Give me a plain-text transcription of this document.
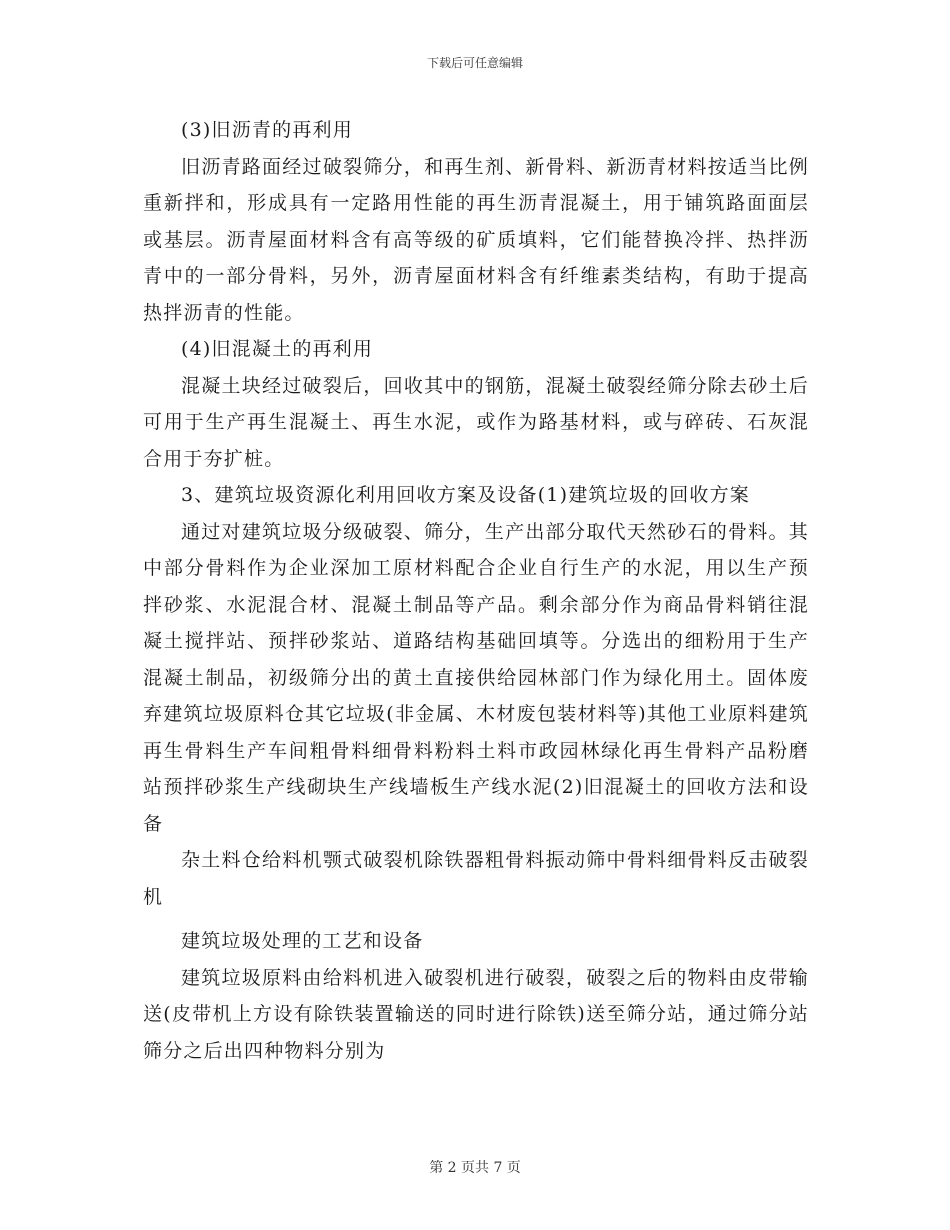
下载后可任意编辑

(3)旧沥青的再利用

旧沥青路面经过破裂筛分，和再生剂、新骨料、新沥青材料按适当比例重新拌和，形成具有一定路用性能的再生沥青混凝土，用于铺筑路面面层或基层。沥青屋面材料含有高等级的矿质填料，它们能替换冷拌、热拌沥青中的一部分骨料，另外，沥青屋面材料含有纤维素类结构，有助于提高热拌沥青的性能。

(4)旧混凝土的再利用

混凝土块经过破裂后，回收其中的钢筋，混凝土破裂经筛分除去砂土后可用于生产再生混凝土、再生水泥，或作为路基材料，或与碎砖、石灰混合用于夯扩桩。

3、建筑垃圾资源化利用回收方案及设备(1)建筑垃圾的回收方案

通过对建筑垃圾分级破裂、筛分，生产出部分取代天然砂石的骨料。其中部分骨料作为企业深加工原材料配合企业自行生产的水泥，用以生产预拌砂浆、水泥混合材、混凝土制品等产品。剩余部分作为商品骨料销往混凝土搅拌站、预拌砂浆站、道路结构基础回填等。分选出的细粉用于生产混凝土制品，初级筛分出的黄土直接供给园林部门作为绿化用土。固体废弃建筑垃圾原料仓其它垃圾(非金属、木材废包装材料等)其他工业原料建筑再生骨料生产车间粗骨料细骨料粉料土料市政园林绿化再生骨料产品粉磨站预拌砂浆生产线砌块生产线墙板生产线水泥(2)旧混凝土的回收方法和设备

杂土料仓给料机颚式破裂机除铁器粗骨料振动筛中骨料细骨料反击破裂机

建筑垃圾处理的工艺和设备

建筑垃圾原料由给料机进入破裂机进行破裂，破裂之后的物料由皮带输送(皮带机上方设有除铁装置输送的同时进行除铁)送至筛分站，通过筛分站筛分之后出四种物料分别为

第 2 页共 7 页
